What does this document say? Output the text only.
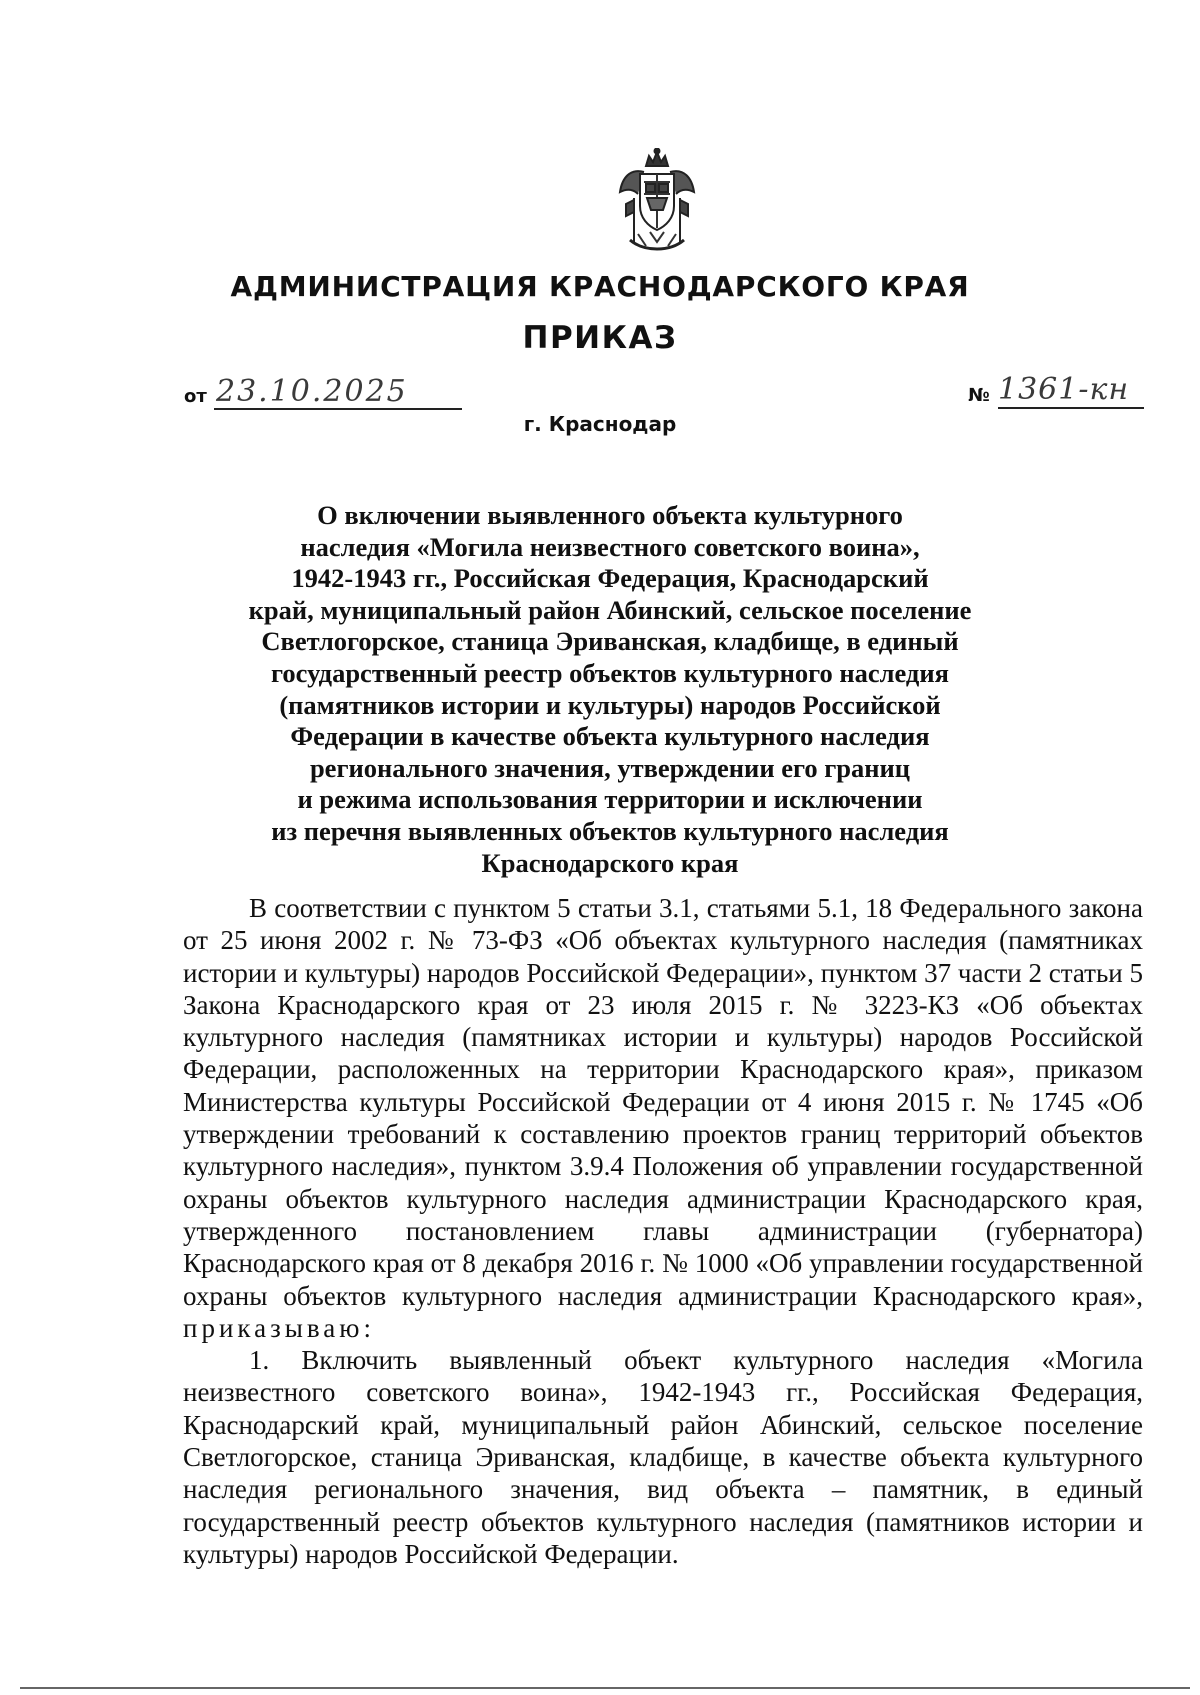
АДМИНИСТРАЦИЯ КРАСНОДАРСКОГО КРАЯ
ПРИКАЗ
от 23.10.2025	№ 1361-кн
г. Краснодар
О включении выявленного объекта культурного
наследия «Могила неизвестного советского воина»,
1942-1943 гг., Российская Федерация, Краснодарский
край, муниципальный район Абинский, сельское поселение
Светлогорское, станица Эриванская, кладбище, в единый
государственный реестр объектов культурного наследия
(памятников истории и культуры) народов Российской
Федерации в качестве объекта культурного наследия
регионального значения, утверждении его границ
и режима использования территории и исключении
из перечня выявленных объектов культурного наследия
Краснодарского края

В соответствии с пунктом 5 статьи 3.1, статьями 5.1, 18 Федерального закона от 25 июня 2002 г. № 73-ФЗ «Об объектах культурного наследия (памятниках истории и культуры) народов Российской Федерации», пунктом 37 части 2 статьи 5 Закона Краснодарского края от 23 июля 2015 г. № 3223-КЗ «Об объектах культурного наследия (памятниках истории и культуры) народов Российской Федерации, расположенных на территории Краснодарского края», приказом Министерства культуры Российской Федерации от 4 июня 2015 г. № 1745 «Об утверждении требований к составлению проектов границ территорий объектов культурного наследия», пунктом 3.9.4 Положения об управлении государственной охраны объектов культурного наследия администрации Краснодарского края, утвержденного постановлением главы администрации (губернатора) Краснодарского края от 8 декабря 2016 г. № 1000 «Об управлении государственной охраны объектов культурного наследия администрации Краснодарского края», приказываю:

1. Включить выявленный объект культурного наследия «Могила неизвестного советского воина», 1942-1943 гг., Российская Федерация, Краснодарский край, муниципальный район Абинский, сельское поселение Светлогорское, станица Эриванская, кладбище, в качестве объекта культурного наследия регионального значения, вид объекта – памятник, в единый государственный реестр объектов культурного наследия (памятников истории и культуры) народов Российской Федерации.
